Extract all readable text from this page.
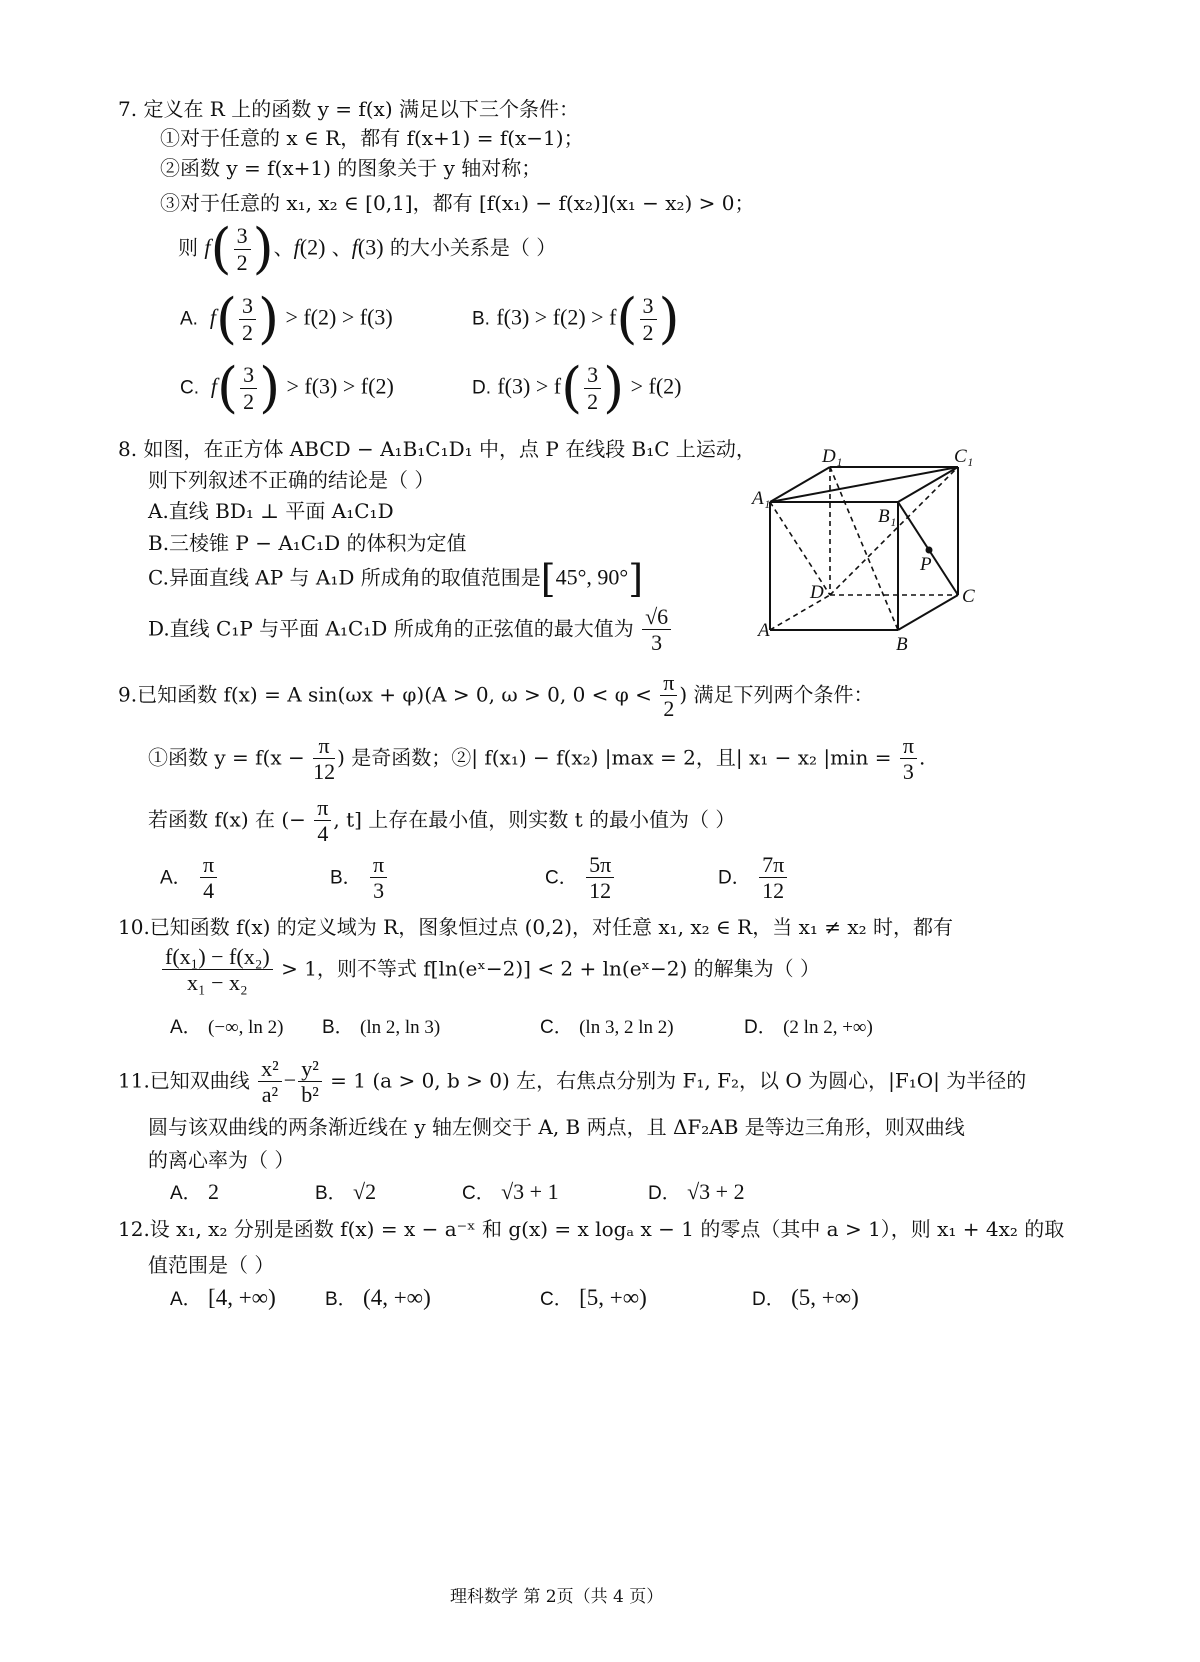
7. 定义在 R 上的函数 y = f(x) 满足以下三个条件：
①对于任意的 x ∈ R，都有 f(x+1) = f(x−1)；
②函数 y = f(x+1) 的图象关于 y 轴对称；
③对于任意的 x₁, x₂ ∈ [0,1]，都有 [f(x₁) − f(x₂)](x₁ − x₂) > 0；
则 $f( \frac{3}{2}$ )、f(2) 、f(3) 的大小关系是（ ）
A.  $f( \frac{3}{2}$ ) > f(2) > f(3)	B. $f(3) > f(2) > f( \frac{3}{2}$ )
C.  $f( \frac{3}{2}$ ) > f(3) > f(2)	D. $f(3) > f( \frac{3}{2}$ ) > f(2)
8. 如图，在正方体 ABCD − A₁B₁C₁D₁ 中，点 P 在线段 B₁C 上运动，
则下列叙述不正确的结论是（ ）
A.直线 BD₁ ⊥ 平面 A₁C₁D
B.三棱锥 P − A₁C₁D 的体积为定值
C.异面直线 AP 与 A₁D 所成角的取值范围是[45°, 90°]
D.直线 C₁P 与平面 A₁C₁D 所成角的正弦值的最大值为 $\frac{√6}{3}$
D₁	C₁
A₁
B₁
P
D	C
A
B
9.已知函数 f(x) = A sin(ωx + φ)(A > 0, ω > 0, $0 < \varphi < \frac{\pi}{2}$ ) 满足下列两个条件：
①函数 $y = f(x - \frac{\pi}{12}$ ) 是奇函数；②| f(x₁) − f(x₂) |max = 2，且| x₁ − x₂ $|\min = \frac{\pi}{3}$ .
若函数 f(x) 在 (− $\frac{\pi}{4}$ , t] 上存在最小值，则实数 t 的最小值为（ ）
A． $\frac{\pi}{4}$	B． $\frac{\pi}{3}$	C． $\frac{5\pi}{12}$	D． $\frac{7\pi}{12}$
10.已知函数 f(x) 的定义域为 R，图象恒过点 (0,2)，对任意 x₁, x₂ ∈ R，当 x₁ ≠ x₂ 时，都有
$\frac{\text{f(x₁) − f(x₂)}}{\text{x₁ − x₂}} > 1$，则不等式 f[ln(eˣ−2)] < 2 + ln(eˣ−2) 的解集为（ ）
A． (−∞, ln 2) B． (ln 2, ln 3)	C． (ln 3, 2 ln 2)	D． (2 ln 2, +∞)
11.已知双曲线 $\frac{\text{x²}}{\text{a²}} - \frac{\text{y²}}{\text{b²}} = 1$ (a > 0, b > 0) 左，右焦点分别为 F₁, F₂，以 O 为圆心，|F₁O| 为半径的
圆与该双曲线的两条渐近线在 y 轴左侧交于 A, B 两点，且 ΔF₂AB 是等边三角形，则双曲线
的离心率为（ ）
A． 2	B． √2	C． √3 + 1	D． √3 + 2
12.设 x₁, x₂ 分别是函数 f(x) = x − a⁻ˣ 和 g(x) = x logₐ x − 1 的零点（其中 a > 1），则 x₁ + 4x₂ 的取
值范围是（ ）
A． [4, +∞)	B． (4, +∞)	C． [5, +∞)	D． (5, +∞)
理科数学 第 2页（共 4 页）
